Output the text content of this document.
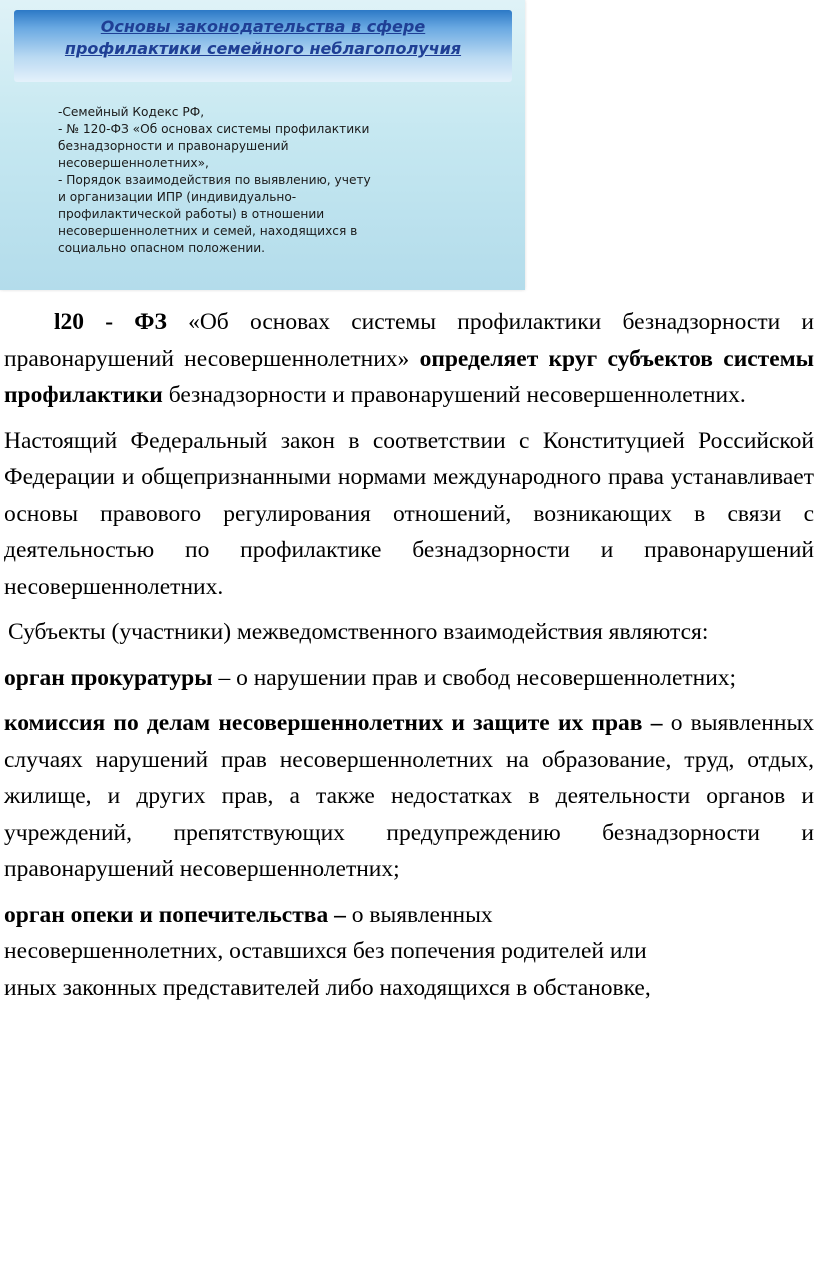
Основы законодательства в сфере

профилактики семейного неблагополучия

-Семейный Кодекс РФ,
- № 120-ФЗ «Об основах системы профилактики
безнадзорности и правонарушений
несовершеннолетних»,
- Порядок взаимодействия по выявлению, учету
и организации ИПР (индивидуально-
профилактической работы) в отношении
несовершеннолетних и семей, находящихся в
социально опасном положении.

l20 - ФЗ «Об основах системы профилактики безнадзорности и правонарушений несовершеннолетних» определяет круг субъектов системы профилактики безнадзорности и правонарушений несовершеннолетних.

Настоящий Федеральный закон в соответствии с Конституцией Российской Федерации и общепризнанными нормами международного права устанавливает основы правового регулирования отношений, возникающих в связи с деятельностью по профилактике безнадзорности и правонарушений несовершеннолетних.

Субъекты (участники) межведомственного взаимодействия являются:

орган прокуратуры – о нарушении прав и свобод несовершеннолетних;

комиссия по делам несовершеннолетних и защите их прав – о выявленных случаях нарушений прав несовершеннолетних на образование, труд, отдых, жилище, и других прав, а также недостатках в деятельности органов и учреждений, препятствующих предупреждению безнадзорности и правонарушений несовершеннолетних;

орган опеки и попечительства – о выявленных
несовершеннолетних, оставшихся без попечения родителей или
иных законных представителей либо находящихся в обстановке,
